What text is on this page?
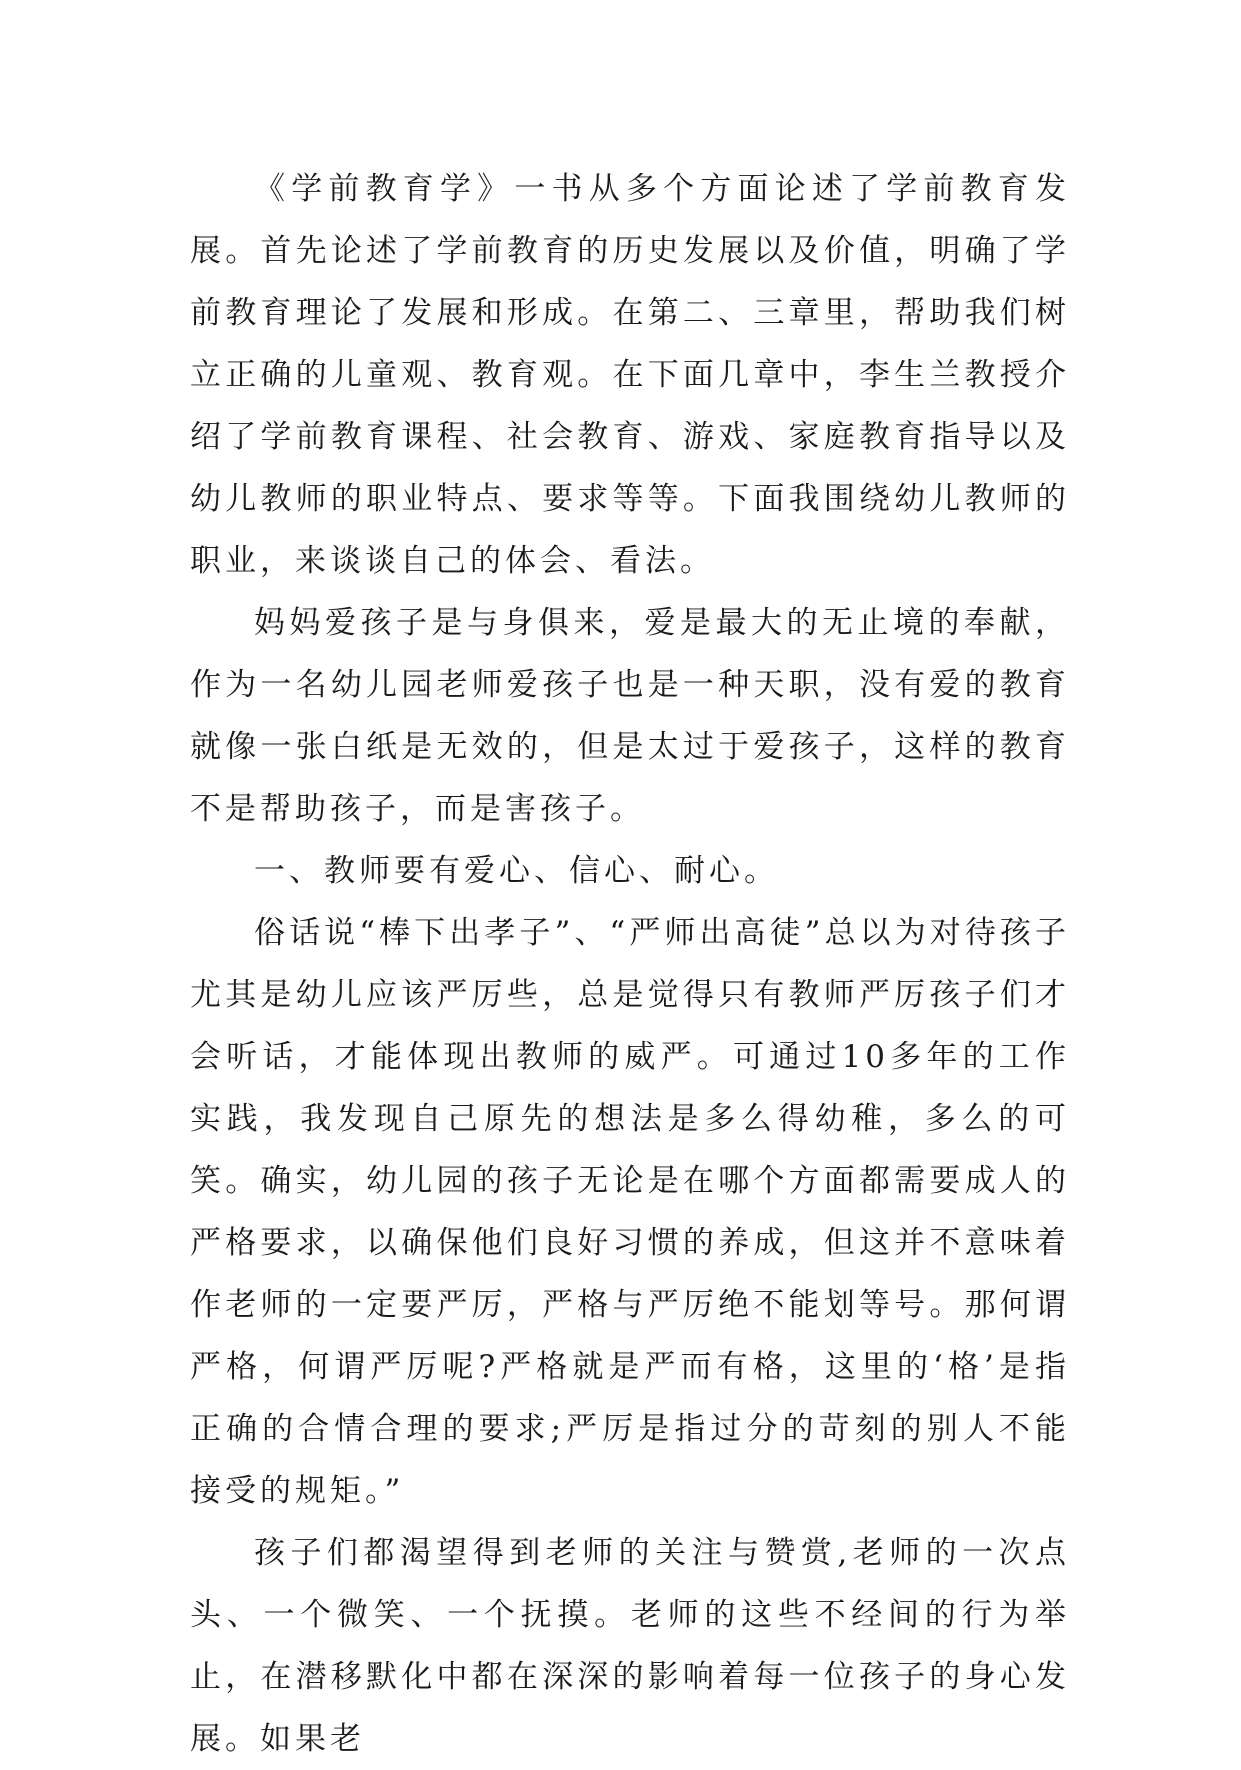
《学前教育学》一书从多个方面论述了学前教育发展。首先论述了学前教育的历史发展以及价值，明确了学前教育理论了发展和形成。在第二、三章里，帮助我们树立正确的儿童观、教育观。在下面几章中，李生兰教授介绍了学前教育课程、社会教育、游戏、家庭教育指导以及幼儿教师的职业特点、要求等等。下面我围绕幼儿教师的职业，来谈谈自己的体会、看法。

妈妈爱孩子是与身俱来，爱是最大的无止境的奉献，作为一名幼儿园老师爱孩子也是一种天职，没有爱的教育就像一张白纸是无效的，但是太过于爱孩子，这样的教育不是帮助孩子，而是害孩子。

一、教师要有爱心、信心、耐心。

俗话说“棒下出孝子”、“严师出高徒”总以为对待孩子尤其是幼儿应该严厉些，总是觉得只有教师严厉孩子们才会听话，才能体现出教师的威严。可通过10多年的工作实践，我发现自己原先的想法是多么得幼稚，多么的可笑。确实，幼儿园的孩子无论是在哪个方面都需要成人的严格要求，以确保他们良好习惯的养成，但这并不意味着作老师的一定要严厉，严格与严厉绝不能划等号。那何谓严格，何谓严厉呢?严格就是严而有格，这里的‘格’是指正确的合情合理的要求;严厉是指过分的苛刻的别人不能接受的规矩。”

孩子们都渴望得到老师的关注与赞赏,老师的一次点头、一个微笑、一个抚摸。老师的这些不经间的行为举止，在潜移默化中都在深深的影响着每一位孩子的身心发展。如果老
